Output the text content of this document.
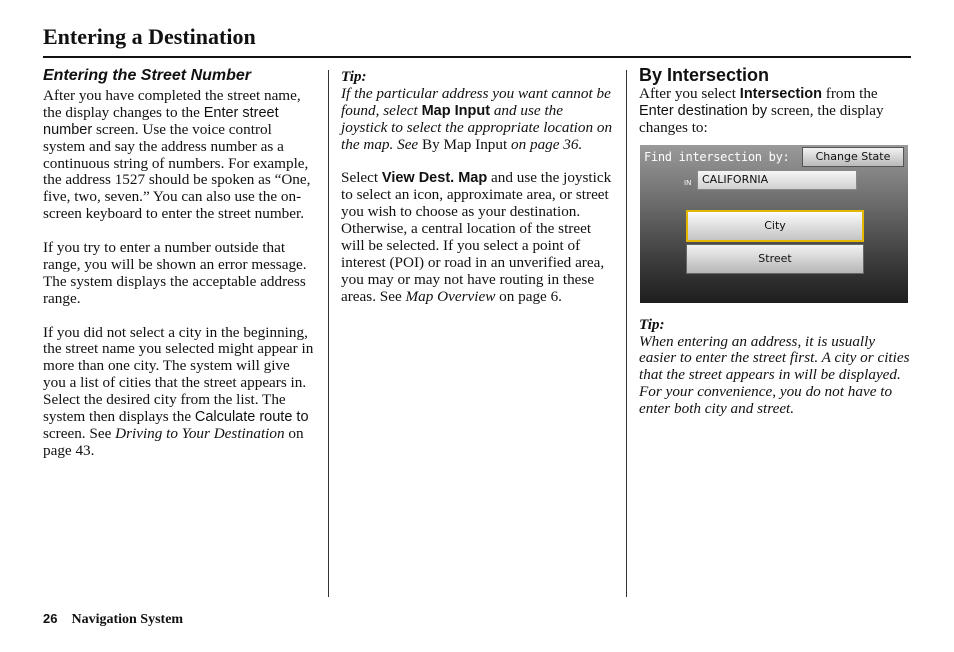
Entering a Destination
Entering the Street Number

After you have completed the street name, the display changes to the Enter street number screen. Use the voice control system and say the address number as a continuous string of numbers. For example, the address 1527 should be spoken as “One, five, two, seven.” You can also use the on-screen keyboard to enter the street number.

If you try to enter a number outside that range, you will be shown an error message. The system displays the acceptable address range.

If you did not select a city in the beginning, the street name you selected might appear in more than one city. The system will give you a list of cities that the street appears in. Select the desired city from the list. The system then displays the Calculate route to screen. See Driving to Your Destination on page 43.

Tip:
If the particular address you want cannot be found, select Map Input and use the joystick to select the appropriate location on the map. See By Map Input on page 36.

Select View Dest. Map and use the joystick to select an icon, approximate area, or street you wish to choose as your destination. Otherwise, a central location of the street will be selected. If you select a point of interest (POI) or road in an unverified area, you may or may not have routing in these areas. See Map Overview on page 6.

By Intersection

After you select Intersection from the Enter destination by screen, the display changes to:

Find intersection by:	Change State
IN CALIFORNIA
City
Street

Tip:
When entering an address, it is usually easier to enter the street first. A city or cities that the street appears in will be displayed. For your convenience, you do not have to enter both city and street.

26 Navigation System
